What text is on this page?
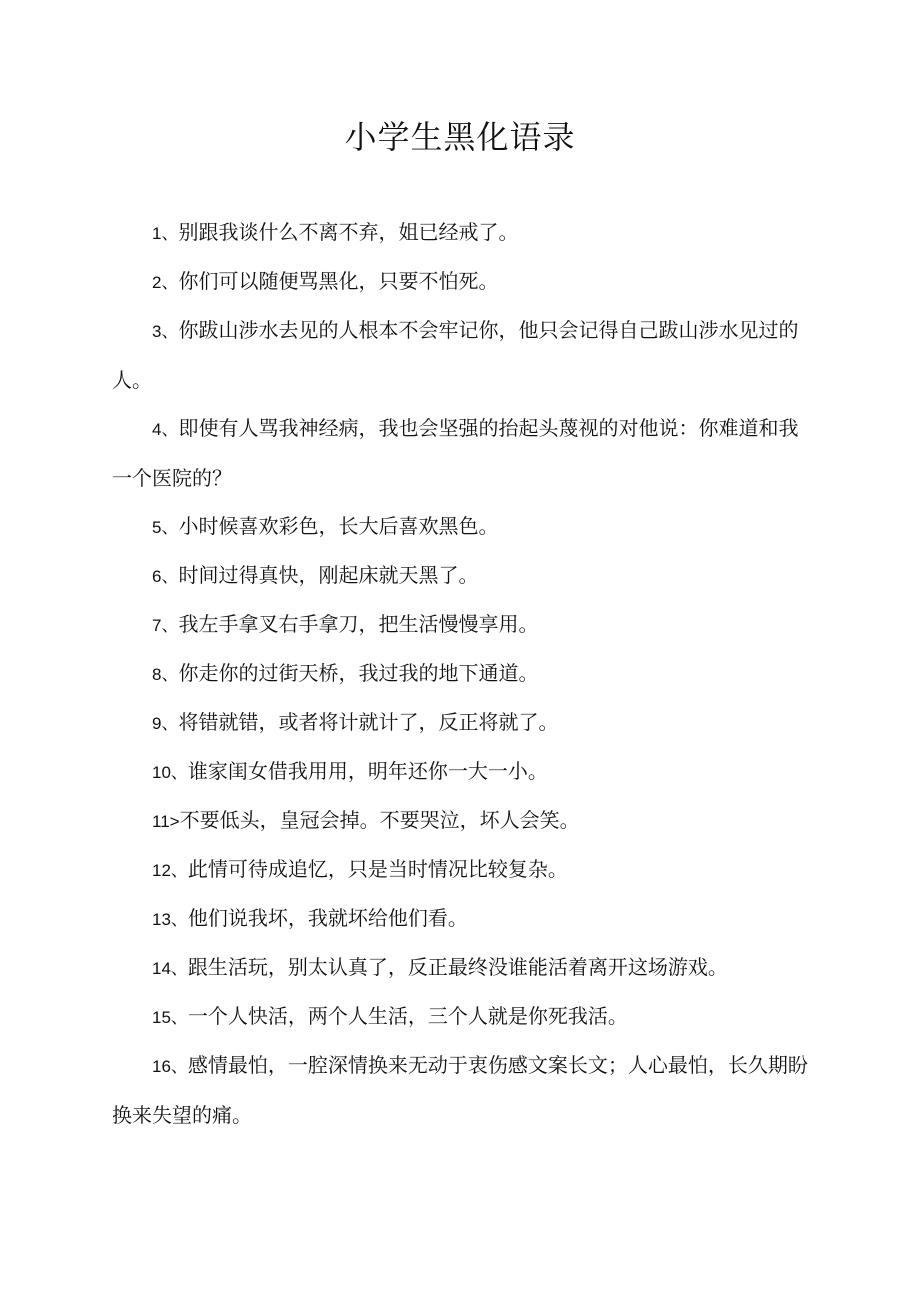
小学生黑化语录
1、别跟我谈什么不离不弃，姐已经戒了。
2、你们可以随便骂黑化，只要不怕死。
3、你跋山涉水去见的人根本不会牢记你，他只会记得自己跋山涉水见过的人。
4、即使有人骂我神经病，我也会坚强的抬起头蔑视的对他说：你难道和我一个医院的？
5、小时候喜欢彩色，长大后喜欢黑色。
6、时间过得真快，刚起床就天黑了。
7、我左手拿叉右手拿刀，把生活慢慢享用。
8、你走你的过街天桥，我过我的地下通道。
9、将错就错，或者将计就计了，反正将就了。
10、谁家闺女借我用用，明年还你一大一小。
11>不要低头，皇冠会掉。不要哭泣，坏人会笑。
12、此情可待成追忆，只是当时情况比较复杂。
13、他们说我坏，我就坏给他们看。
14、跟生活玩，别太认真了，反正最终没谁能活着离开这场游戏。
15、一个人快活，两个人生活，三个人就是你死我活。
16、感情最怕，一腔深情换来无动于衷伤感文案长文；人心最怕，长久期盼换来失望的痛。
